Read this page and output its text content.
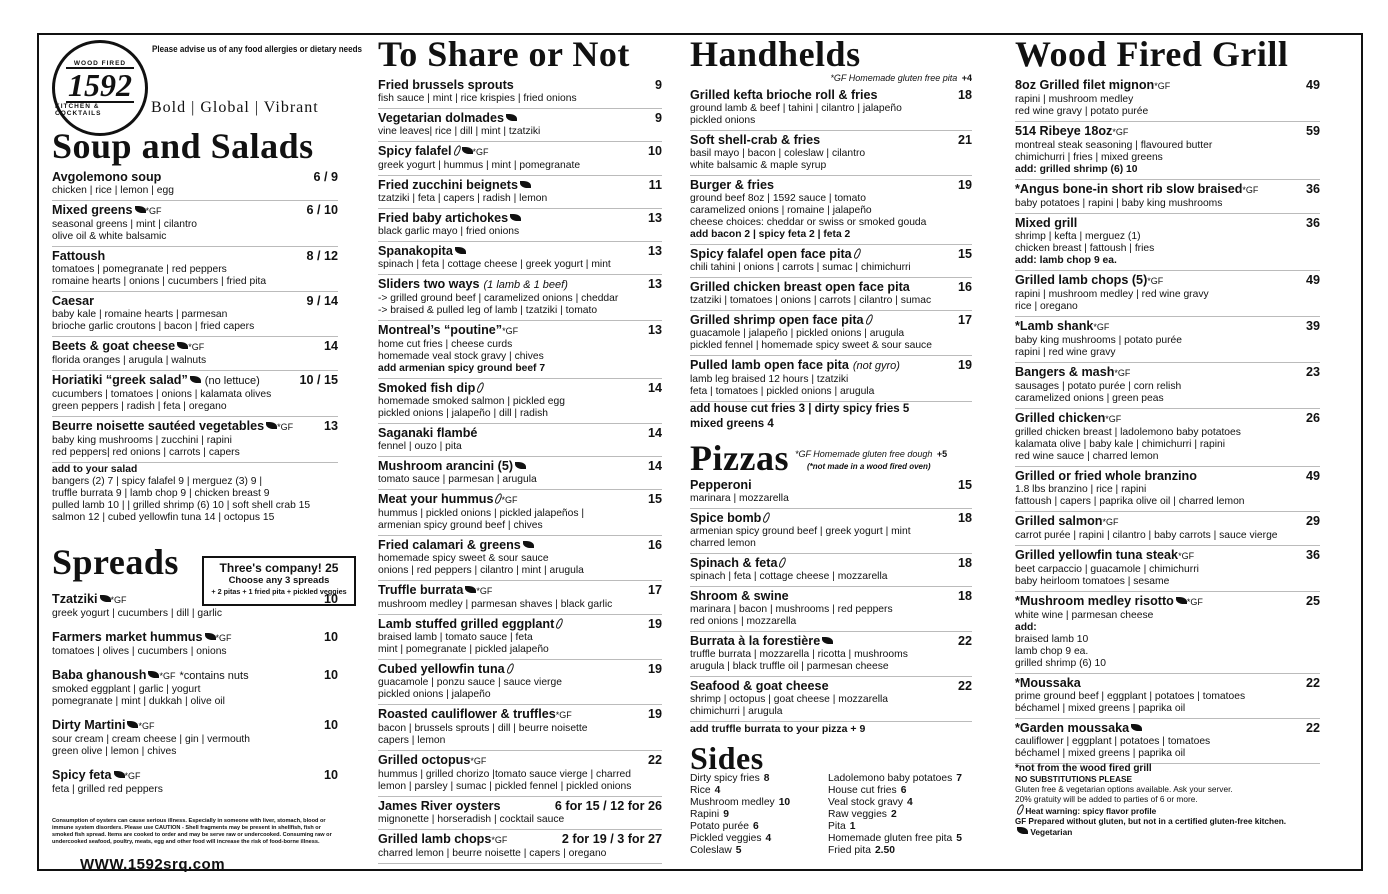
WOOD FIRED
1592
KITCHEN & COCKTAILS
Please advise us of any food allergies or dietary needs
Bold | Global | Vibrant
Soup and Salads
Avgolemono soup	6 / 9
chicken | rice | lemon | egg
Mixed greens *GF	6 / 10
seasonal greens | mint | cilantro
olive oil & white balsamic
Fattoush	8 / 12
tomatoes | pomegranate | red peppers
romaine hearts | onions | cucumbers | fried pita
Caesar	9 / 14
baby kale | romaine hearts | parmesan
brioche garlic croutons | bacon | fried capers
Beets & goat cheese *GF	14
florida oranges | arugula | walnuts
Horiatiki “greek salad” (no lettuce)	10 / 15
cucumbers | tomatoes | onions | kalamata olives
green peppers | radish | feta | oregano
Beurre noisette sautéed vegetables *GF 13
baby king mushrooms | zucchini | rapini
red peppers| red onions | carrots | capers
add to your salad
bangers (2) 7 | spicy falafel 9 | merguez (3) 9 |
truffle burrata 9 | lamb chop 9 | chicken breast 9
pulled lamb 10 | | grilled shrimp (6) 10 | soft shell crab 15
salmon 12 | cubed yellowfin tuna 14 | octopus 15
Spreads
Tzatziki *GF	10
greek yogurt | cucumbers | dill | garlic
Farmers market hummus *GF	10
tomatoes | olives | cucumbers | onions
Baba ghanoush *GF *contains nuts	10
smoked eggplant | garlic | yogurt
pomegranate | mint | dukkah | olive oil
Dirty Martini *GF	10
sour cream | cream cheese | gin | vermouth
green olive | lemon | chives
Spicy feta *GF	10
feta | grilled red peppers
Consumption of oysters can cause serious illness. Especially in someone with liver, stomach, blood or immune system disorders. Please use CAUTION - Shell fragments may be present in shellfish, fish or smoked fish spread. Items are cooked to order and may be serve raw or undercooked. Consuming raw or undercooked seafood, poultry, meats, egg and other food will increase the risk of food-borne illness.
Three's company! 25
Choose any 3 spreads
+ 2 pitas + 1 fried pita + pickled veggies
WWW.1592srq.com
To Share or Not
Fried brussels sprouts	9
fish sauce | mint | rice krispies | fried onions
Vegetarian dolmades	9
vine leaves| rice | dill | mint | tzatziki
Spicy falafel *GF	10
greek yogurt | hummus | mint | pomegranate
Fried zucchini beignets	11
tzatziki | feta | capers | radish | lemon
Fried baby artichokes	13
black garlic mayo | fried onions
Spanakopita	13
spinach | feta | cottage cheese | greek yogurt | mint
Sliders two ways (1 lamb & 1 beef)	13
-> grilled ground beef | caramelized onions | cheddar
-> braised & pulled leg of lamb | tzatziki | tomato
Montreal’s “poutine”*GF	13
home cut fries | cheese curds
homemade veal stock gravy | chives
add armenian spicy ground beef 7
Smoked fish dip	14
homemade smoked salmon | pickled egg
pickled onions | jalapeño | dill | radish
Saganaki flambé	14
fennel | ouzo | pita
Mushroom arancini (5)	14
tomato sauce | parmesan | arugula
Meat your hummus *GF	15
hummus | pickled onions | pickled jalapeños |
armenian spicy ground beef | chives
Fried calamari & greens	16
homemade spicy sweet & sour sauce
onions | red peppers | cilantro | mint | arugula
Truffle burrata *GF	17
mushroom medley | parmesan shaves | black garlic
Lamb stuffed grilled eggplant	19
braised lamb | tomato sauce | feta
mint | pomegranate | pickled jalapeño
Cubed yellowfin tuna	19
guacamole | ponzu sauce | sauce vierge
pickled onions | jalapeño
Roasted cauliflower & truffles*GF	19
bacon | brussels sprouts | dill | beurre noisette
capers | lemon
Grilled octopus*GF	22
hummus | grilled chorizo |tomato sauce vierge | charred
lemon | parsley | sumac | pickled fennel | pickled onions
James River oysters	6 for 15 / 12 for 26
mignonette | horseradish | cocktail sauce
Grilled lamb chops*GF	2 for 19 / 3 for 27
charred lemon | beurre noisette | capers | oregano
Handhelds
*GF Homemade gluten free pita +4
Grilled kefta brioche roll & fries	18
ground lamb & beef | tahini | cilantro | jalapeño
pickled onions
Soft shell-crab & fries	21
basil mayo | bacon | coleslaw | cilantro
white balsamic & maple syrup
Burger & fries	19
ground beef 8oz | 1592 sauce | tomato
caramelized onions | romaine | jalapeño
cheese choices: cheddar or swiss or smoked gouda
add bacon 2 | spicy feta 2 | feta 2
Spicy falafel open face pita	15
chili tahini | onions | carrots | sumac | chimichurri
Grilled chicken breast open face pita	16
tzatziki | tomatoes | onions | carrots | cilantro | sumac
Grilled shrimp open face pita	17
guacamole | jalapeño | pickled onions | arugula
pickled fennel | homemade spicy sweet & sour sauce
Pulled lamb open face pita (not gyro)	19
lamb leg braised 12 hours | tzatziki
feta | tomatoes | pickled onions | arugula
add house cut fries 3 | dirty spicy fries 5
mixed greens 4
Pizzas *GF Homemade gluten free dough +5
(*not made in a wood fired oven)
Pepperoni	15
marinara | mozzarella
Spice bomb	18
armenian spicy ground beef | greek yogurt | mint
charred lemon
Spinach & feta	18
spinach | feta | cottage cheese | mozzarella
Shroom & swine	18
marinara | bacon | mushrooms | red peppers
red onions | mozzarella
Burrata à la forestière	22
truffle burrata | mozzarella | ricotta | mushrooms
arugula | black truffle oil | parmesan cheese
Seafood & goat cheese	22
shrimp | octopus | goat cheese | mozzarella
chimichurri | arugula
add truffle burrata to your pizza + 9
Sides
Dirty spicy fries 8
Rice 4
Mushroom medley 10
Rapini 9
Potato purée 6
Pickled veggies 4
Coleslaw 5
Ladolemono baby potatoes 7
House cut fries 6
Veal stock gravy 4
Raw veggies 2
Pita 1
Homemade gluten free pita 5
Fried pita 2.50
Wood Fired Grill
8oz Grilled filet mignon*GF	49
rapini | mushroom medley
red wine gravy | potato purée
514 Ribeye 18oz*GF	59
montreal steak seasoning | flavoured butter
chimichurri | fries | mixed greens
add: grilled shrimp (6) 10
*Angus bone-in short rib slow braised*GF	36
baby potatoes | rapini | baby king mushrooms
Mixed grill	36
shrimp | kefta | merguez (1)
chicken breast | fattoush | fries
add: lamb chop 9 ea.
Grilled lamb chops (5)*GF	49
rapini | mushroom medley | red wine gravy
rice | oregano
*Lamb shank*GF	39
baby king mushrooms | potato purée
rapini | red wine gravy
Bangers & mash*GF	23
sausages | potato purée | corn relish
caramelized onions | green peas
Grilled chicken*GF	26
grilled chicken breast | ladolemono baby potatoes
kalamata olive | baby kale | chimichurri | rapini
red wine sauce | charred lemon
Grilled or fried whole branzino	49
1.8 lbs branzino | rice | rapini
fattoush | capers | paprika olive oil | charred lemon
Grilled salmon*GF	29
carrot purée | rapini | cilantro | baby carrots | sauce vierge
Grilled yellowfin tuna steak*GF	36
beet carpaccio | guacamole | chimichurri
baby heirloom tomatoes | sesame
*Mushroom medley risotto *GF	25
white wine | parmesan cheese
add:
braised lamb 10
lamb chop 9 ea.
grilled shrimp (6) 10
*Moussaka	22
prime ground beef | eggplant | potatoes | tomatoes
béchamel | mixed greens | paprika oil
*Garden moussaka	22
cauliflower | eggplant | potatoes | tomatoes
béchamel | mixed greens | paprika oil
*not from the wood fired grill
NO SUBSTITUTIONS PLEASE
Gluten free & vegetarian options available. Ask your server.
20% gratuity will be added to parties of 6 or more.
Heat warning: spicy flavor profile
GF Prepared without gluten, but not in a certified gluten-free kitchen.
Vegetarian
